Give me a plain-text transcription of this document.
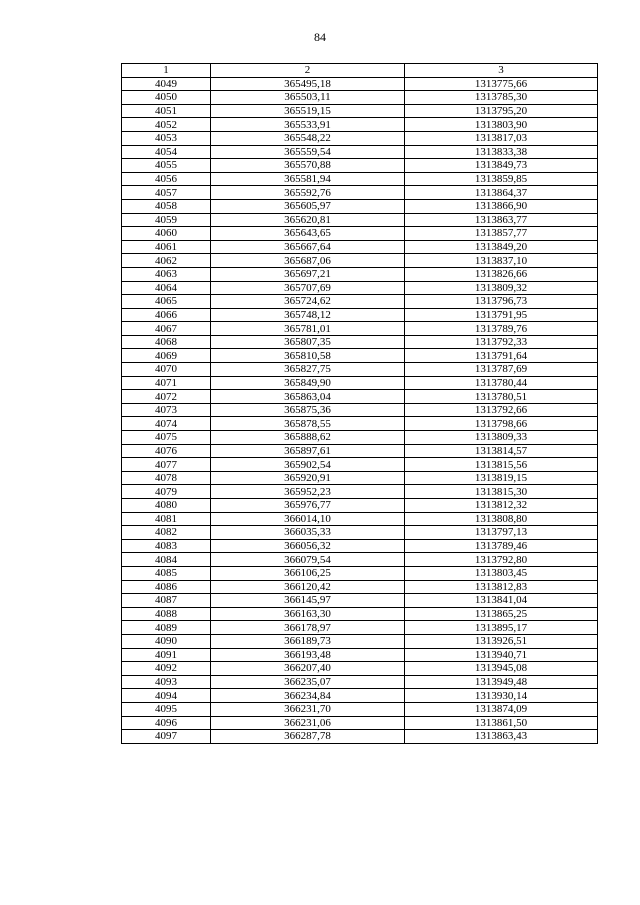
84
1	2	3
4049	365495,18	1313775,66
4050	365503,11	1313785,30
4051	365519,15	1313795,20
4052	365533,91	1313803,90
4053	365548,22	1313817,03
4054	365559,54	1313833,38
4055	365570,88	1313849,73
4056	365581,94	1313859,85
4057	365592,76	1313864,37
4058	365605,97	1313866,90
4059	365620,81	1313863,77
4060	365643,65	1313857,77
4061	365667,64	1313849,20
4062	365687,06	1313837,10
4063	365697,21	1313826,66
4064	365707,69	1313809,32
4065	365724,62	1313796,73
4066	365748,12	1313791,95
4067	365781,01	1313789,76
4068	365807,35	1313792,33
4069	365810,58	1313791,64
4070	365827,75	1313787,69
4071	365849,90	1313780,44
4072	365863,04	1313780,51
4073	365875,36	1313792,66
4074	365878,55	1313798,66
4075	365888,62	1313809,33
4076	365897,61	1313814,57
4077	365902,54	1313815,56
4078	365920,91	1313819,15
4079	365952,23	1313815,30
4080	365976,77	1313812,32
4081	366014,10	1313808,80
4082	366035,33	1313797,13
4083	366056,32	1313789,46
4084	366079,54	1313792,80
4085	366106,25	1313803,45
4086	366120,42	1313812,83
4087	366145,97	1313841,04
4088	366163,30	1313865,25
4089	366178,97	1313895,17
4090	366189,73	1313926,51
4091	366193,48	1313940,71
4092	366207,40	1313945,08
4093	366235,07	1313949,48
4094	366234,84	1313930,14
4095	366231,70	1313874,09
4096	366231,06	1313861,50
4097	366287,78	1313863,43
